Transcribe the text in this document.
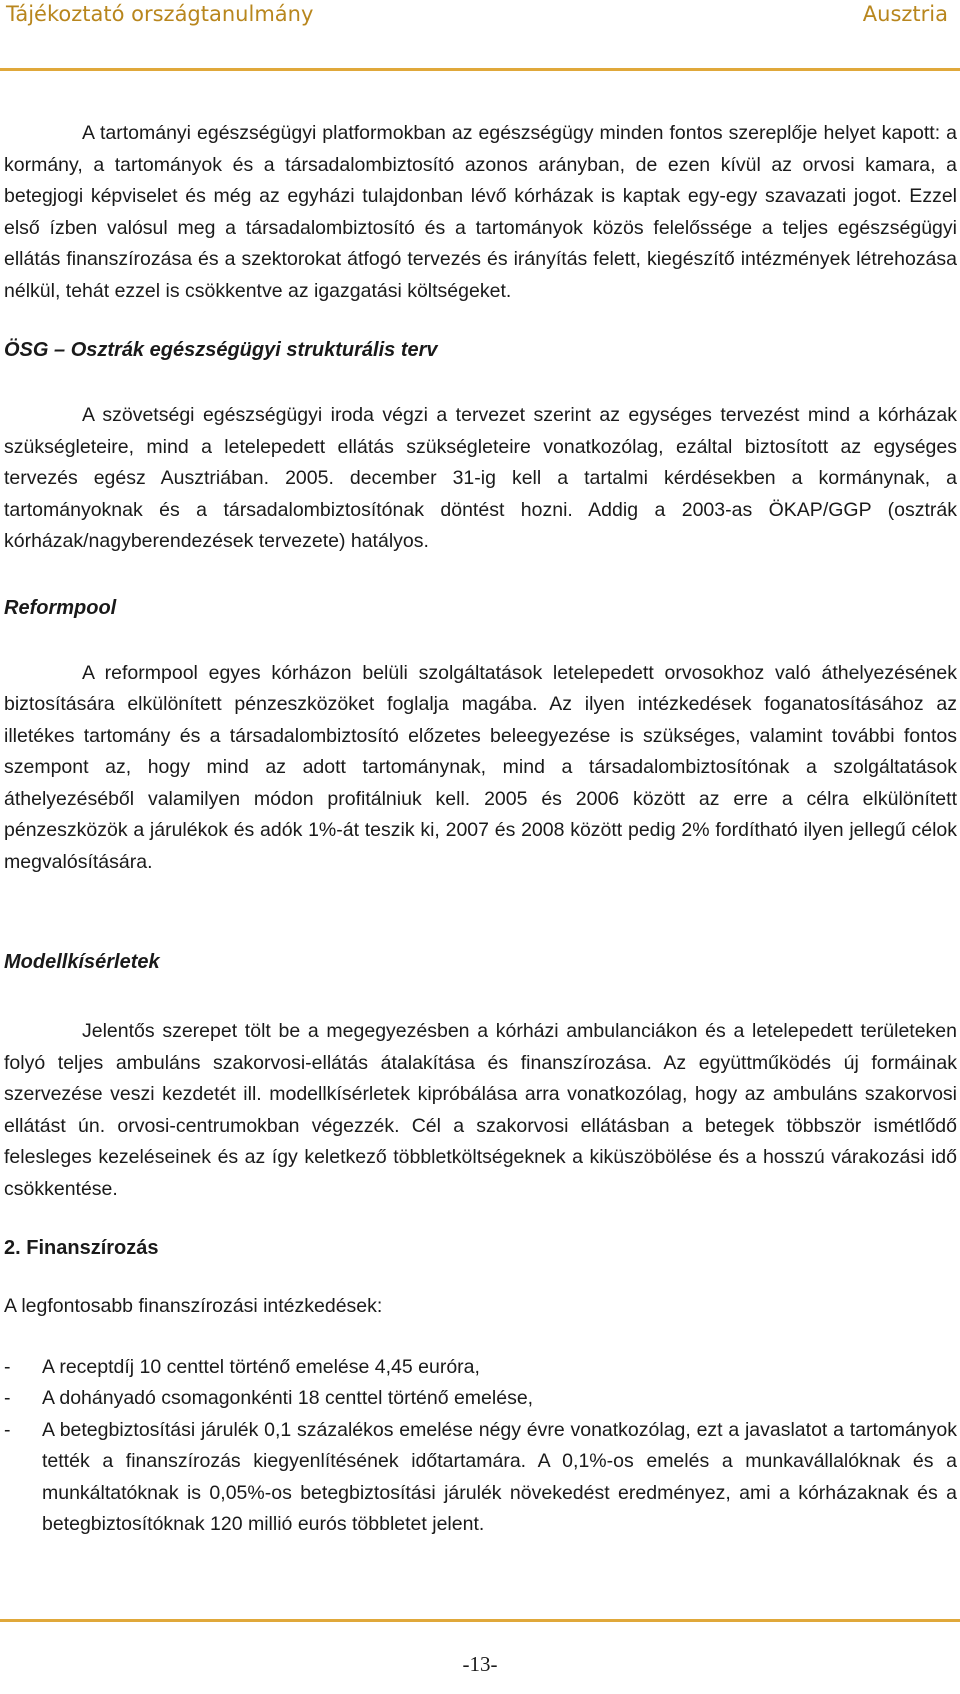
Tájékoztató országtanulmány	Ausztria

A tartományi egészségügyi platformokban az egészségügy minden fontos szereplője helyet kapott: a kormány, a tartományok és a társadalombiztosító azonos arányban, de ezen kívül az orvosi kamara, a betegjogi képviselet és még az egyházi tulajdonban lévő kórházak is kaptak egy-egy szavazati jogot. Ezzel első ízben valósul meg a társadalombiztosító és a tartományok közös felelőssége a teljes egészségügyi ellátás finanszírozása és a szektorokat átfogó tervezés és irányítás felett, kiegészítő intézmények létrehozása nélkül, tehát ezzel is csökkentve az igazgatási költségeket.

ÖSG – Osztrák egészségügyi strukturális terv

A szövetségi egészségügyi iroda végzi a tervezet szerint az egységes tervezést mind a kórházak szükségleteire, mind a letelepedett ellátás szükségleteire vonatkozólag, ezáltal biztosított az egységes tervezés egész Ausztriában. 2005. december 31-ig kell a tartalmi kérdésekben a kormánynak, a tartományoknak és a társadalombiztosítónak döntést hozni. Addig a 2003-as ÖKAP/GGP (osztrák kórházak/nagyberendezések tervezete) hatályos.

Reformpool

A reformpool egyes kórházon belüli szolgáltatások letelepedett orvosokhoz való áthelyezésének biztosítására elkülönített pénzeszközöket foglalja magába. Az ilyen intézkedések foganatosításához az illetékes tartomány és a társadalombiztosító előzetes beleegyezése is szükséges, valamint további fontos szempont az, hogy mind az adott tartománynak, mind a társadalombiztosítónak a szolgáltatások áthelyezéséből valamilyen módon profitálniuk kell. 2005 és 2006 között az erre a célra elkülönített pénzeszközök a járulékok és adók 1%-át teszik ki, 2007 és 2008 között pedig 2% fordítható ilyen jellegű célok megvalósítására.

Modellkísérletek

Jelentős szerepet tölt be a megegyezésben a kórházi ambulanciákon és a letelepedett területeken folyó teljes ambuláns szakorvosi-ellátás átalakítása és finanszírozása. Az együttműködés új formáinak szervezése veszi kezdetét ill. modellkísérletek kipróbálása arra vonatkozólag, hogy az ambuláns szakorvosi ellátást ún. orvosi-centrumokban végezzék. Cél a szakorvosi ellátásban a betegek többször ismétlődő felesleges kezeléseinek és az így keletkező többletköltségeknek a kiküszöbölése és a hosszú várakozási idő csökkentése.

2. Finanszírozás

A legfontosabb finanszírozási intézkedések:

- A receptdíj 10 centtel történő emelése 4,45 euróra,
- A dohányadó csomagonkénti 18 centtel történő emelése,
- A betegbiztosítási járulék 0,1 százalékos emelése négy évre vonatkozólag, ezt a javaslatot a tartományok tették a finanszírozás kiegyenlítésének időtartamára. A 0,1%-os emelés a munkavállalóknak és a munkáltatóknak is 0,05%-os betegbiztosítási járulék növekedést eredményez, ami a kórházaknak és a betegbiztosítóknak 120 millió eurós többletet jelent.
-13-
